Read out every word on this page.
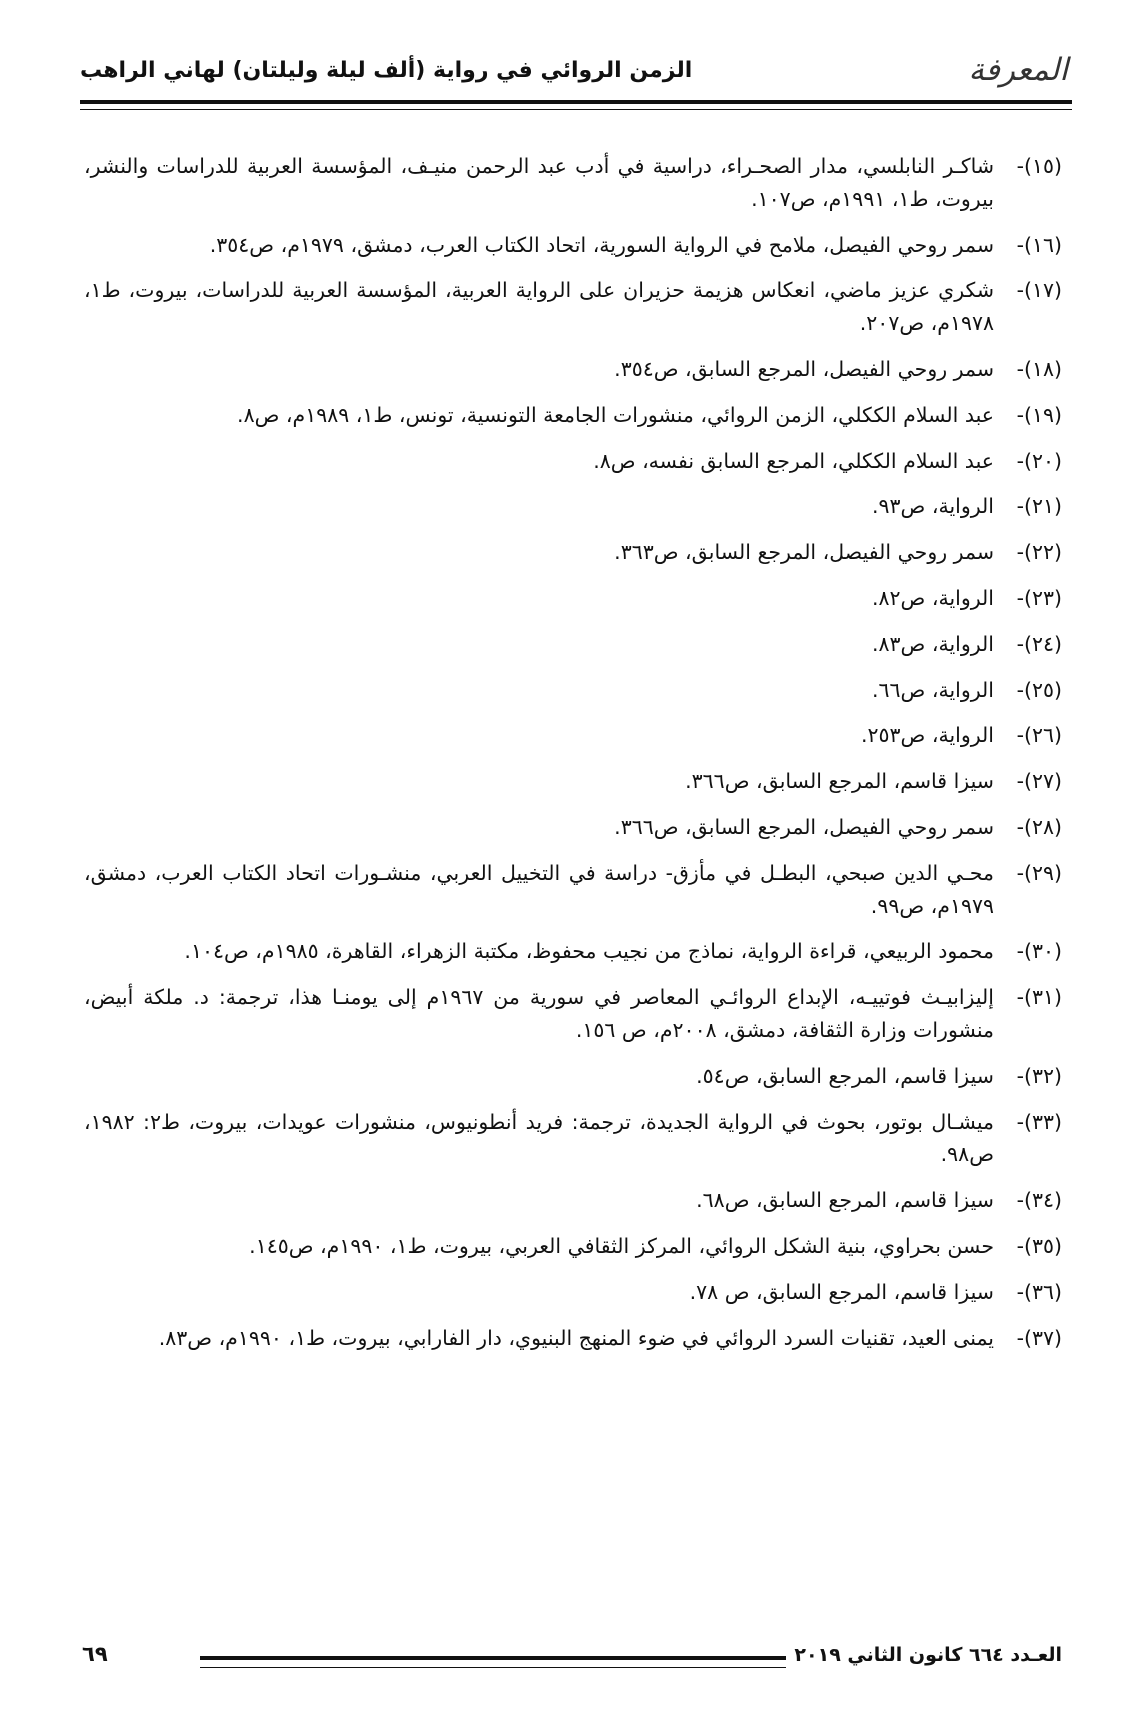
المعرفة
الزمن الروائي في رواية (ألف ليلة وليلتان) لهاني الراهب
(١٥)-
شاكـر النابلسي، مدار الصحـراء، دراسية في أدب عبد الرحمن منيـف، المؤسسة العربية للدراسات والنشر، بيروت، ط١، ١٩٩١م، ص١٠٧.
(١٦)-
سمر روحي الفيصل، ملامح في الرواية السورية، اتحاد الكتاب العرب، دمشق، ١٩٧٩م، ص٣٥٤.
(١٧)-
شكري عزيز ماضي، انعكاس هزيمة حزيران على الرواية العربية، المؤسسة العربية للدراسات، بيروت، ط١، ١٩٧٨م، ص٢٠٧.
(١٨)-
سمر روحي الفيصل، المرجع السابق، ص٣٥٤.
(١٩)-
عبد السلام الككلي، الزمن الروائي، منشورات الجامعة التونسية، تونس، ط١، ١٩٨٩م، ص٨.
(٢٠)-
عبد السلام الككلي، المرجع السابق نفسه، ص٨.
(٢١)-
الرواية، ص٩٣.
(٢٢)-
سمر روحي الفيصل، المرجع السابق، ص٣٦٣.
(٢٣)-
الرواية، ص٨٢.
(٢٤)-
الرواية، ص٨٣.
(٢٥)-
الرواية، ص٦٦.
(٢٦)-
الرواية، ص٢٥٣.
(٢٧)-
سيزا قاسم، المرجع السابق، ص٣٦٦.
(٢٨)-
سمر روحي الفيصل، المرجع السابق، ص٣٦٦.
(٢٩)-
محـي الدين صبحي، البطـل في مأزق- دراسة في التخييل العربي، منشـورات اتحاد الكتاب العرب، دمشق، ١٩٧٩م، ص٩٩.
(٣٠)-
محمود الربيعي، قراءة الرواية، نماذج من نجيب محفوظ، مكتبة الزهراء، القاهرة، ١٩٨٥م، ص١٠٤.
(٣١)-
إليزابيـث فوتييـه، الإبداع الروائـي المعاصر في سورية من ١٩٦٧م إلى يومنـا هذا، ترجمة: د. ملكة أبيض، منشورات وزارة الثقافة، دمشق، ٢٠٠٨م، ص ١٥٦.
(٣٢)-
سيزا قاسم، المرجع السابق، ص٥٤.
(٣٣)-
ميشـال بوتور، بحوث في الرواية الجديدة، ترجمة: فريد أنطونيوس، منشورات عويدات، بيروت، ط٢: ١٩٨٢، ص٩٨.
(٣٤)-
سيزا قاسم، المرجع السابق، ص٦٨.
(٣٥)-
حسن بحراوي، بنية الشكل الروائي، المركز الثقافي العربي، بيروت، ط١، ١٩٩٠م، ص١٤٥.
(٣٦)-
سيزا قاسم، المرجع السابق، ص ٧٨.
(٣٧)-
يمنى العيد، تقنيات السرد الروائي في ضوء المنهج البنيوي، دار الفارابي، بيروت، ط١، ١٩٩٠م، ص٨٣.
العـدد ٦٦٤ كانون الثاني ٢٠١٩
٦٩
